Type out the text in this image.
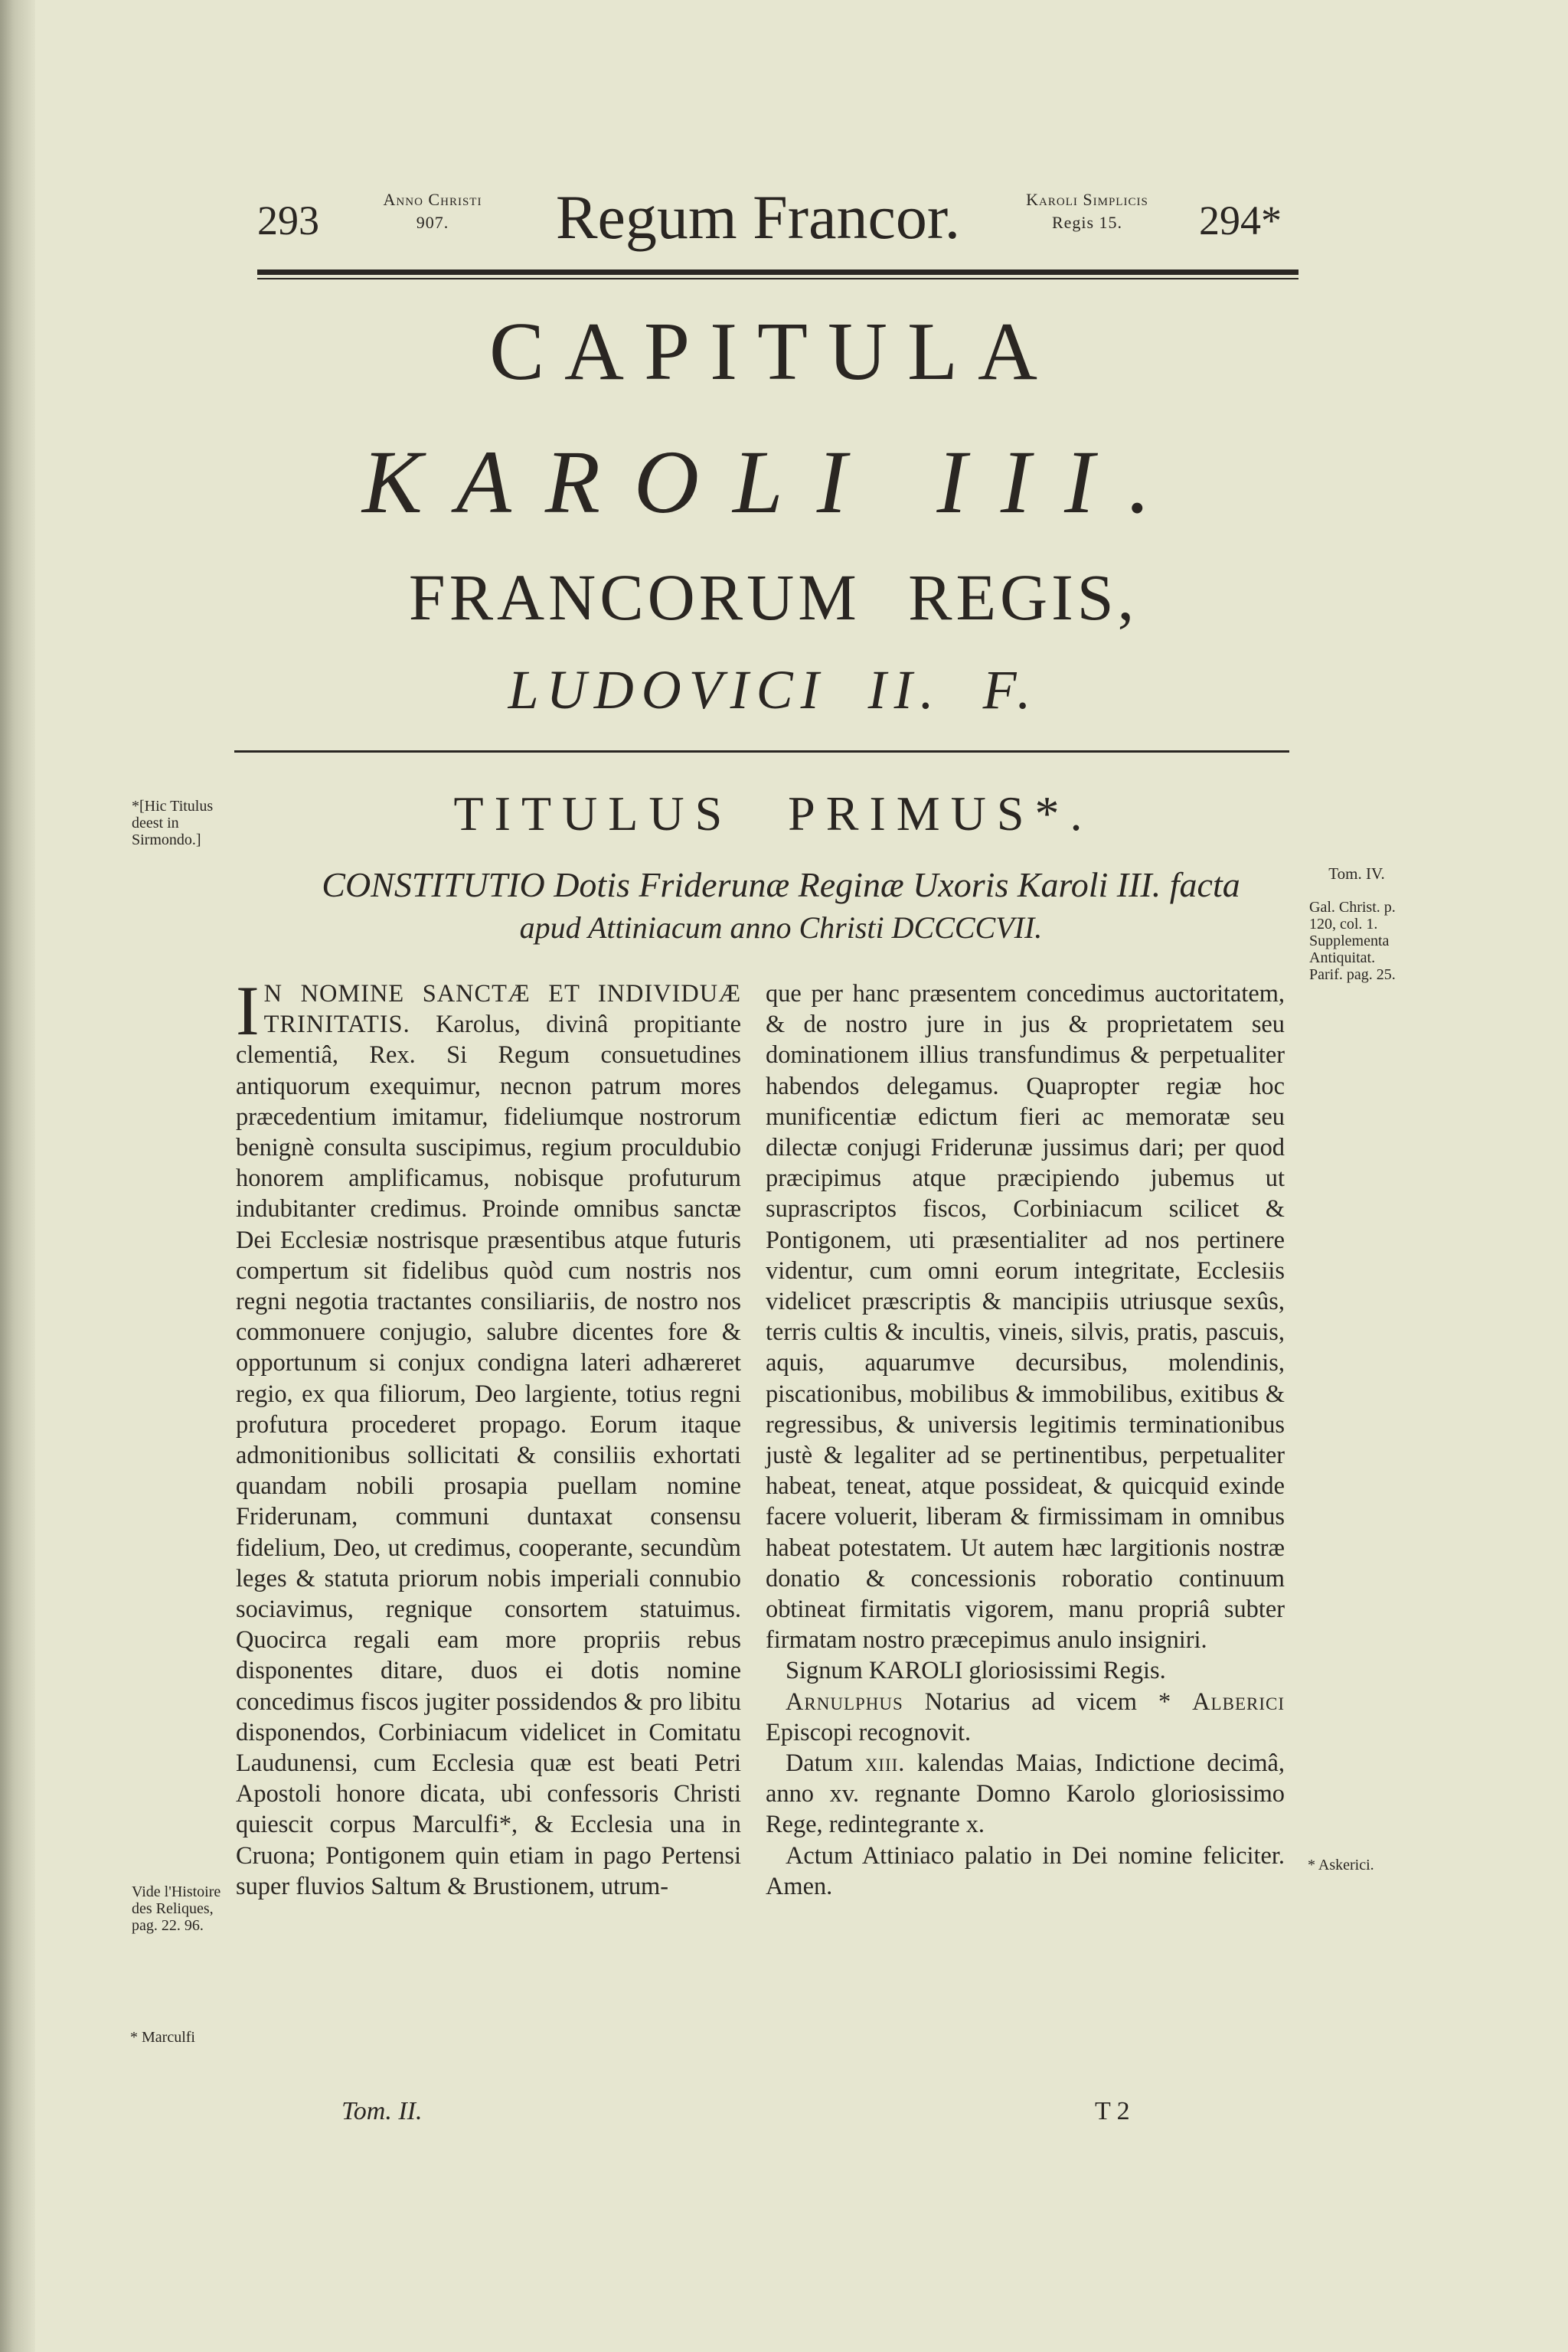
293	Anno Christi
907.	Regum Francor.	Karoli Simplicis
Regis 15.	294*
CAPITULA
KAROLI III.
FRANCORUM REGIS,
LUDOVICI II. F.
TITULUS PRIMUS*.
CONSTITUTIO Dotis Friderunæ Reginæ Uxoris Karoli III. facta
apud Attiniacum anno Christi DCCCCVII.

I N NOMINE SANCTÆ ET INDIVIDUÆ TRINITATIS. Karolus, divinâ propitiante clementiâ, Rex. Si Regum consuetudines antiquorum exequimur, necnon patrum mores præcedentium imitamur, fideliumque nostrorum benignè consulta suscipimus, regium proculdubio honorem amplificamus, nobisque profuturum indubitanter credimus. Proinde omnibus sanctæ Dei Ecclesiæ nostrisque præsentibus atque futuris compertum sit fidelibus quòd cum nostris nos regni negotia tractantes consiliariis, de nostro nos commonuere conjugio, salubre dicentes fore & opportunum si conjux condigna lateri adhæreret regio, ex qua filiorum, Deo largiente, totius regni profutura procederet propago. Eorum itaque admonitionibus sollicitati & consiliis exhortati quandam nobili prosapia puellam nomine Friderunam, communi duntaxat consensu fidelium, Deo, ut credimus, cooperante, secundùm leges & statuta priorum nobis imperiali connubio sociavimus, regnique consortem statuimus. Quocirca regali eam more propriis rebus disponentes ditare, duos ei dotis nomine concedimus fiscos jugiter possidendos & pro libitu disponendos, Corbiniacum videlicet in Comitatu Laudunensi, cum Ecclesia quæ est beati Petri Apostoli honore dicata, ubi confessoris Christi quiescit corpus Marculfi*, & Ecclesia una in Cruona; Pontigonem quin etiam in pago Pertensi super fluvios Saltum & Brustionem, utrum-

que per hanc præsentem concedimus auctoritatem, & de nostro jure in jus & proprietatem seu dominationem illius transfundimus & perpetualiter habendos delegamus. Quapropter regiæ hoc munificentiæ edictum fieri ac memoratæ seu dilectæ conjugi Friderunæ jussimus dari; per quod præcipimus atque præcipiendo jubemus ut suprascriptos fiscos, Corbiniacum scilicet & Pontigonem, uti præsentialiter ad nos pertinere videntur, cum omni eorum integritate, Ecclesiis videlicet præscriptis & mancipiis utriusque sexûs, terris cultis & incultis, vineis, silvis, pratis, pascuis, aquis, aquarumve decursibus, molendinis, piscationibus, mobilibus & immobilibus, exitibus & regressibus, & universis legitimis terminationibus justè & legaliter ad se pertinentibus, perpetualiter habeat, teneat, atque possideat, & quicquid exinde facere voluerit, liberam & firmissimam in omnibus habeat potestatem. Ut autem hæc largitionis nostræ donatio & concessionis roboratio continuum obtineat firmitatis vigorem, manu propriâ subter firmatam nostro præcepimus anulo insigniri.

Signum KAROLI gloriosissimi Regis.

Arnulphus Notarius ad vicem * Alberici Episcopi recognovit.

Datum xiii. kalendas Maias, Indictione decimâ, anno xv. regnante Domno Karolo gloriosissimo Rege, redintegrante x.

Actum Attiniaco palatio in Dei nomine feliciter. Amen.

Tom. II.	T 2
*[Hic Titulus deest in Sirmondo.]
Tom. IV.
Gal. Christ. p. 120, col. 1. Supplementa Antiquitat. Parif. pag. 25.
* Askerici.
Vide l'Histoire des Reliques, pag. 22. 96.
* Marculfi
